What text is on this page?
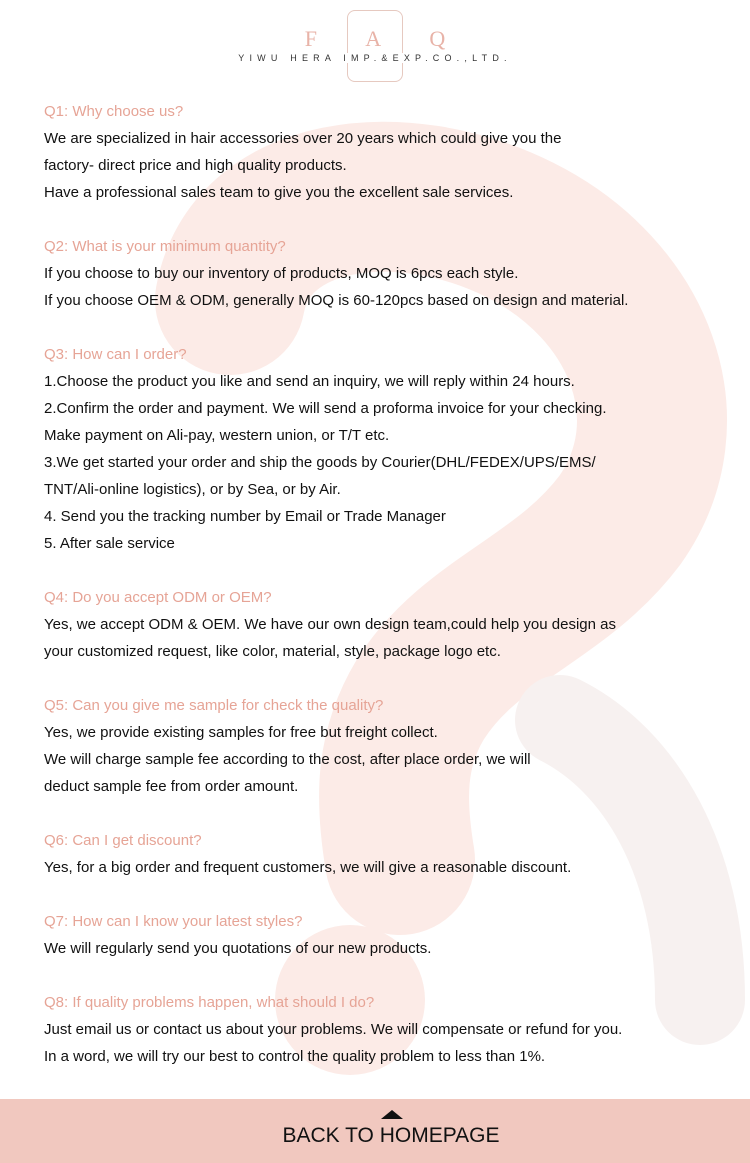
F A Q
YIWU HERA IMP.&EXP.CO.,LTD.
Q1: Why choose us?
We are specialized in hair accessories over 20 years which could give you the
factory- direct price and high quality products.
Have a professional sales team to give you the excellent sale services.
Q2: What is your minimum quantity?
If you choose to buy our inventory of products, MOQ is 6pcs each style.
If you choose OEM & ODM, generally MOQ is 60-120pcs based on design and material.
Q3: How can I order?
1.Choose the product you like and send an inquiry, we will reply within 24 hours.
2.Confirm the order and payment. We will send a proforma invoice for your checking.
Make payment on Ali-pay, western union, or T/T etc.
3.We get started your order and ship the goods by Courier(DHL/FEDEX/UPS/EMS/
TNT/Ali-online logistics), or by Sea, or by Air.
4. Send you the tracking number by Email or Trade Manager
5. After sale service
Q4: Do you accept ODM or OEM?
Yes, we accept ODM & OEM. We have our own design team,could help you design as
your customized request, like color, material, style, package logo etc.
Q5: Can you give me sample for check the quality?
Yes, we provide existing samples for free but freight collect.
We will charge sample fee according to the cost, after place order, we will
deduct sample fee from order amount.
Q6: Can I get discount?
Yes, for a big order and frequent customers, we will give a reasonable discount.
Q7: How can I know your latest styles?
We will regularly send you quotations of our new products.
Q8: If quality problems happen, what should I do?
Just email us or contact us about your problems. We will compensate or refund for you.
In a word, we will try our best to control the quality problem to less than 1%.
BACK TO HOMEPAGE
